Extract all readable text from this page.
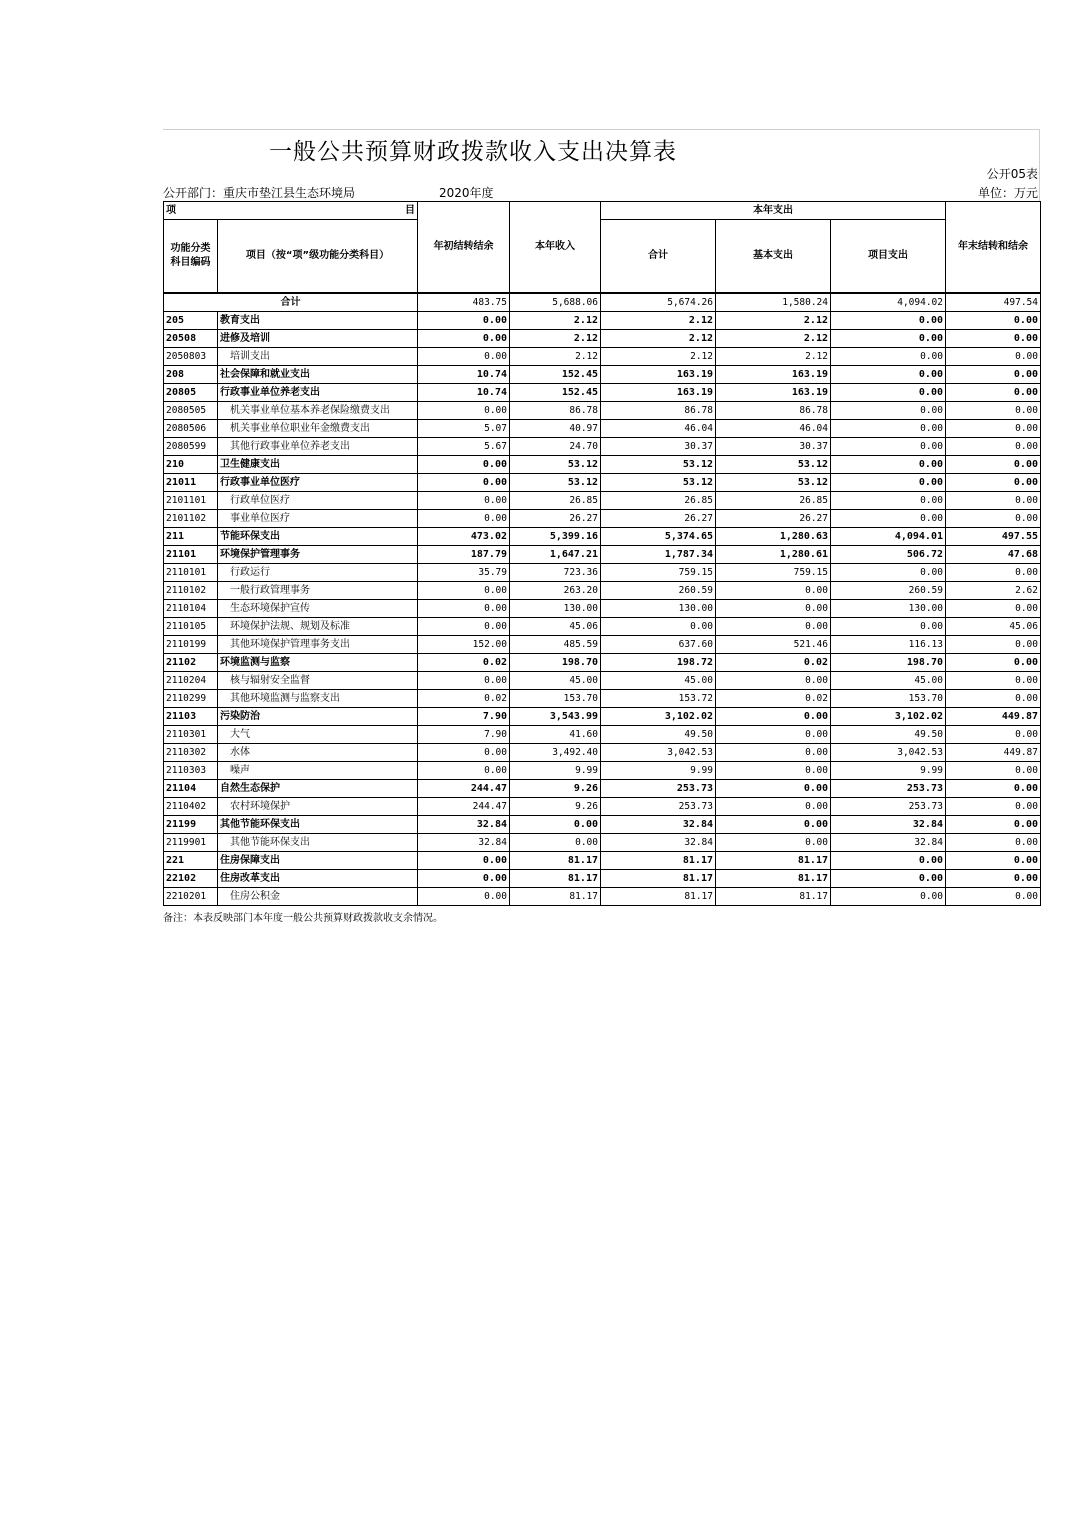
一般公共预算财政拨款收入支出决算表
公开05表
公开部门：重庆市垫江县生态环境局	2020年度	单位：万元
项 目		年初结转结余	本年收入	本年支出			年末结转和结余
功能分类科目编码	项目（按“项”级功能分类科目）			合计	基本支出	项目支出	
合计		483.75	5,688.06	5,674.26	1,580.24	4,094.02	497.54
205	教育支出	0.00	2.12	2.12	2.12	0.00	0.00
20508	进修及培训	0.00	2.12	2.12	2.12	0.00	0.00
2050803	培训支出	0.00	2.12	2.12	2.12	0.00	0.00
208	社会保障和就业支出	10.74	152.45	163.19	163.19	0.00	0.00
20805	行政事业单位养老支出	10.74	152.45	163.19	163.19	0.00	0.00
2080505	机关事业单位基本养老保险缴费支出	0.00	86.78	86.78	86.78	0.00	0.00
2080506	机关事业单位职业年金缴费支出	5.07	40.97	46.04	46.04	0.00	0.00
2080599	其他行政事业单位养老支出	5.67	24.70	30.37	30.37	0.00	0.00
210	卫生健康支出	0.00	53.12	53.12	53.12	0.00	0.00
21011	行政事业单位医疗	0.00	53.12	53.12	53.12	0.00	0.00
2101101	行政单位医疗	0.00	26.85	26.85	26.85	0.00	0.00
2101102	事业单位医疗	0.00	26.27	26.27	26.27	0.00	0.00
211	节能环保支出	473.02	5,399.16	5,374.65	1,280.63	4,094.01	497.55
21101	环境保护管理事务	187.79	1,647.21	1,787.34	1,280.61	506.72	47.68
2110101	行政运行	35.79	723.36	759.15	759.15	0.00	0.00
2110102	一般行政管理事务	0.00	263.20	260.59	0.00	260.59	2.62
2110104	生态环境保护宣传	0.00	130.00	130.00	0.00	130.00	0.00
2110105	环境保护法规、规划及标准	0.00	45.06	0.00	0.00	0.00	45.06
2110199	其他环境保护管理事务支出	152.00	485.59	637.60	521.46	116.13	0.00
21102	环境监测与监察	0.02	198.70	198.72	0.02	198.70	0.00
2110204	核与辐射安全监督	0.00	45.00	45.00	0.00	45.00	0.00
2110299	其他环境监测与监察支出	0.02	153.70	153.72	0.02	153.70	0.00
21103	污染防治	7.90	3,543.99	3,102.02	0.00	3,102.02	449.87
2110301	大气	7.90	41.60	49.50	0.00	49.50	0.00
2110302	水体	0.00	3,492.40	3,042.53	0.00	3,042.53	449.87
2110303	噪声	0.00	9.99	9.99	0.00	9.99	0.00
21104	自然生态保护	244.47	9.26	253.73	0.00	253.73	0.00
2110402	农村环境保护	244.47	9.26	253.73	0.00	253.73	0.00
21199	其他节能环保支出	32.84	0.00	32.84	0.00	32.84	0.00
2119901	其他节能环保支出	32.84	0.00	32.84	0.00	32.84	0.00
221	住房保障支出	0.00	81.17	81.17	81.17	0.00	0.00
22102	住房改革支出	0.00	81.17	81.17	81.17	0.00	0.00
2210201	住房公积金	0.00	81.17	81.17	81.17	0.00	0.00
备注：本表反映部门本年度一般公共预算财政拨款收支余情况。
